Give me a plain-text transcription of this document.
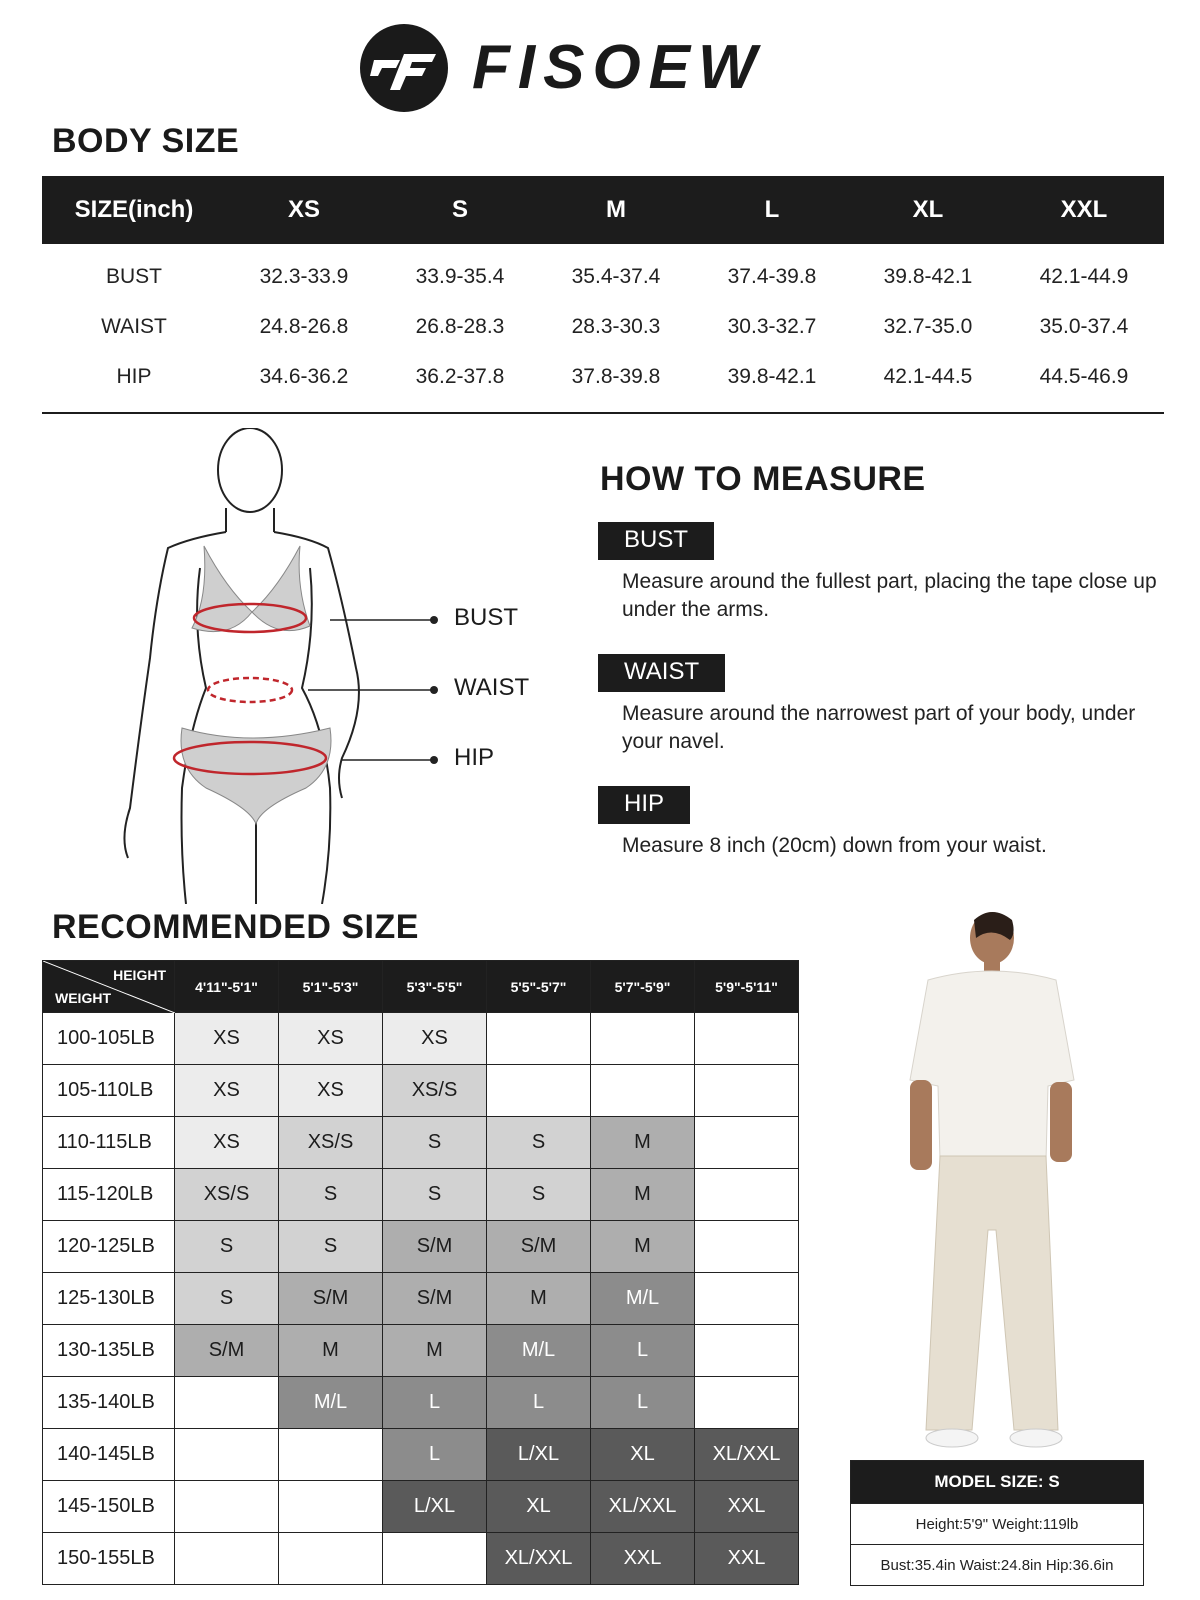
FISOEW
BODY SIZE
SIZE(inch)	XS	S	M	L	XL	XXL
BUST	32.3-33.9	33.9-35.4	35.4-37.4	37.4-39.8	39.8-42.1	42.1-44.9
WAIST	24.8-26.8	26.8-28.3	28.3-30.3	30.3-32.7	32.7-35.0	35.0-37.4
HIP	34.6-36.2	36.2-37.8	37.8-39.8	39.8-42.1	42.1-44.5	44.5-46.9
BUST
WAIST
HIP
HOW TO MEASURE
BUST
Measure around the fullest part, placing the tape close up under the arms.
WAIST
Measure around the narrowest part of your body, under your navel.
HIP
Measure 8 inch (20cm) down from your waist.
RECOMMENDED SIZE
HEIGHT
WEIGHT	4'11"-5'1"	5'1"-5'3"	5'3"-5'5"	5'5"-5'7"	5'7"-5'9"	5'9"-5'11"
100-105LB	XS	XS	XS			
105-110LB	XS	XS	XS/S			
110-115LB	XS	XS/S	S	S	M	
115-120LB	XS/S	S	S	S	M	
120-125LB	S	S	S/M	S/M	M	
125-130LB	S	S/M	S/M	M	M/L	
130-135LB	S/M	M	M	M/L	L	
135-140LB		M/L	L	L	L	
140-145LB			L	L/XL	XL	XL/XXL
145-150LB			L/XL	XL	XL/XXL	XXL
150-155LB				XL/XXL	XXL	XXL
MODEL SIZE: S
Height:5'9" Weight:119lb
Bust:35.4in Waist:24.8in Hip:36.6in
